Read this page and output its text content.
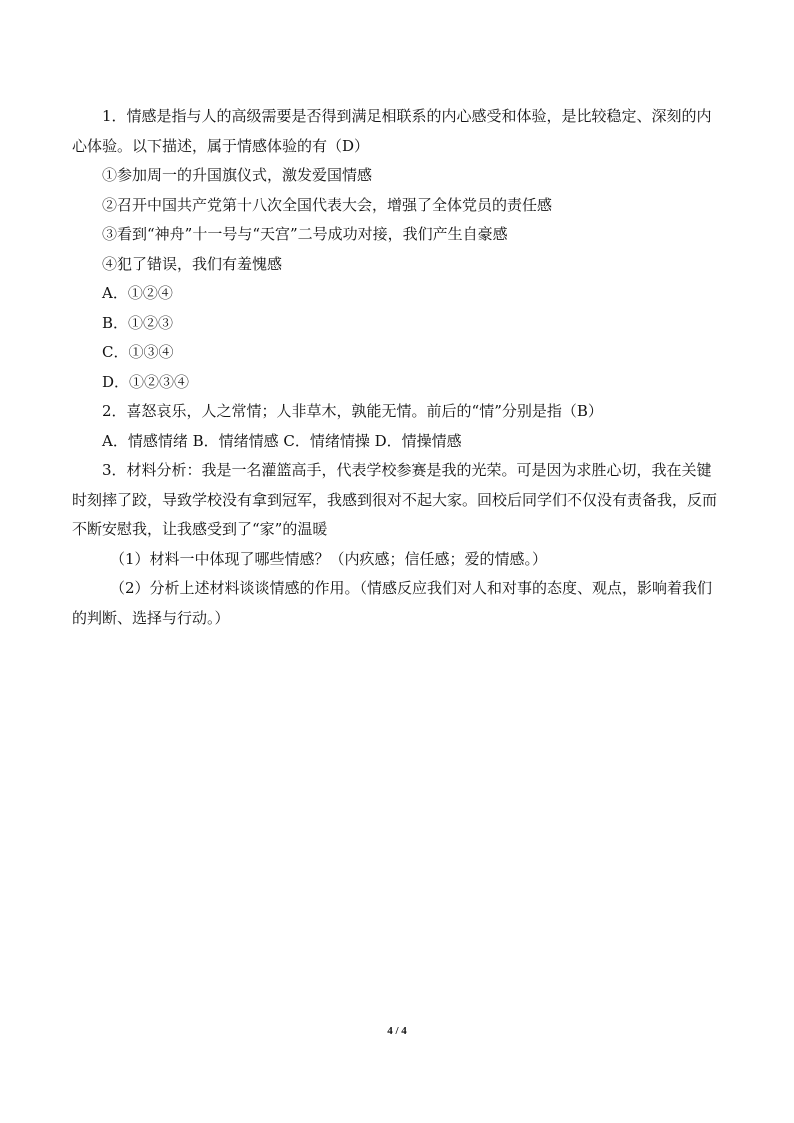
1．情感是指与人的高级需要是否得到满足相联系的内心感受和体验，是比较稳定、深刻的内心体验。以下描述，属于情感体验的有（D）

①参加周一的升国旗仪式，激发爱国情感

②召开中国共产党第十八次全国代表大会，增强了全体党员的责任感

③看到“神舟”十一号与“天宫”二号成功对接，我们产生自豪感

④犯了错误，我们有羞愧感

A．①②④

B．①②③

C．①③④

D．①②③④

2．喜怒哀乐，人之常情；人非草木，孰能无情。前后的“情”分别是指（B）

A．情感情绪 B．情绪情感 C．情绪情操 D．情操情感

3．材料分析：我是一名灌篮高手，代表学校参赛是我的光荣。可是因为求胜心切，我在关键时刻摔了跤，导致学校没有拿到冠军，我感到很对不起大家。回校后同学们不仅没有责备我，反而不断安慰我，让我感受到了“家”的温暖

（1）材料一中体现了哪些情感？（内疚感；信任感；爱的情感。）

（2）分析上述材料谈谈情感的作用。（情感反应我们对人和对事的态度、观点，影响着我们的判断、选择与行动。）

4 / 4
